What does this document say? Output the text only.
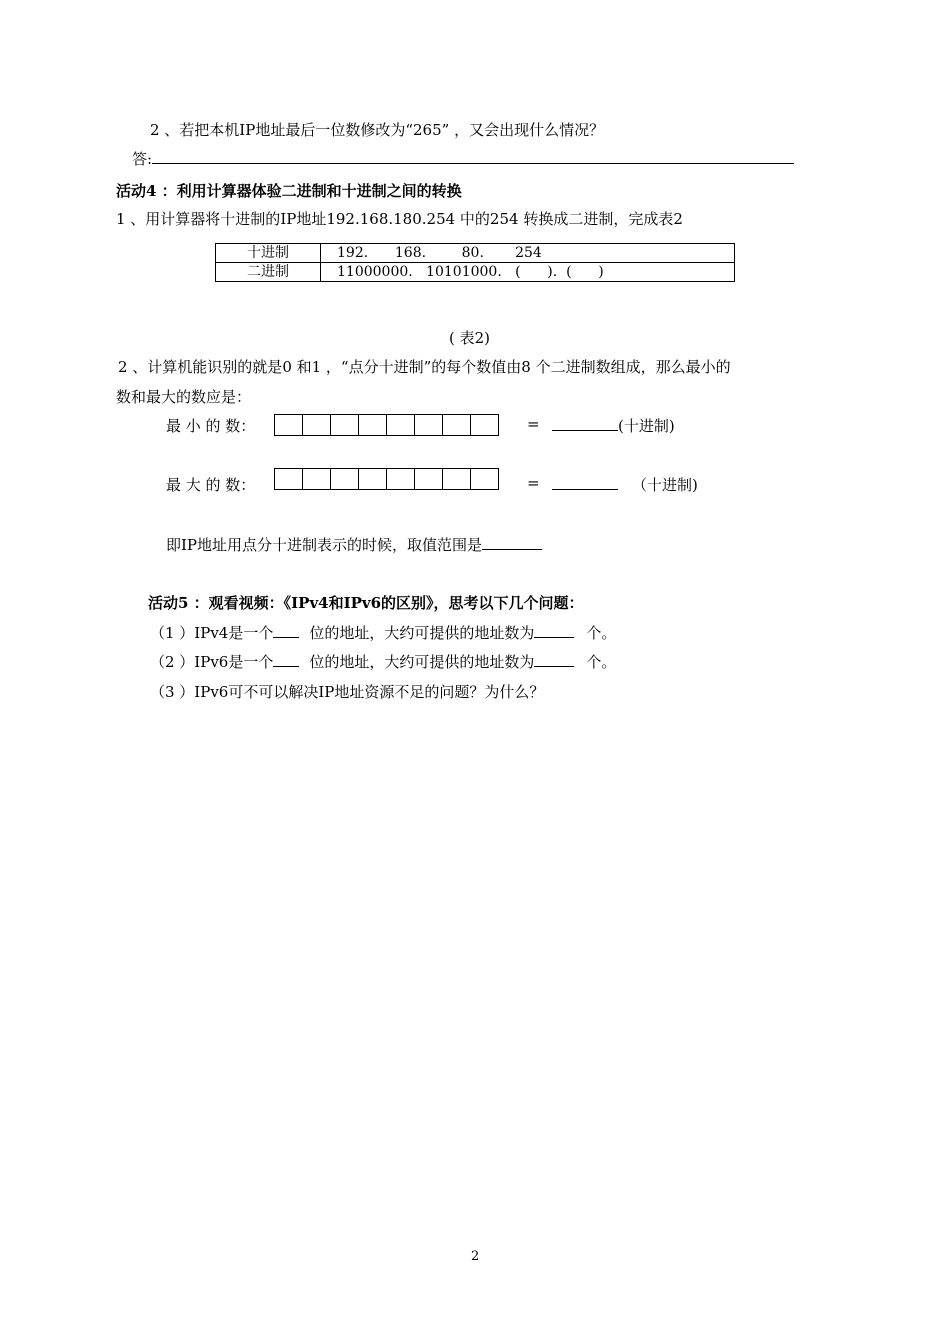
2 、若把本机IP地址最后一位数修改为“265” ，又会出现什么情况？
答:
活动4 ：利用计算器体验二进制和十进制之间的转换
1 、用计算器将十进制的IP地址192.168.180.254 中的254 转换成二进制，完成表2
十进制	192.      168.        80.       254
二进制	11000000.   10101000.   (      ).  (      )
( 表2)
2 、计算机能识别的就是0 和1 ，“点分十进制”的每个数值由8 个二进制数组成，那么最小的
数和最大的数应是：
最 小 的 数：	=	(十进制)
最 大 的 数：	=	（十进制)
即IP地址用点分十进制表示的时候，取值范围是
活动5 ：观看视频：《IPv4和IPv6的区别》，思考以下几个问题：
（1 ）IPv4是一个 位的地址，大约可提供的地址数为	个。
（2 ）IPv6是一个 位的地址，大约可提供的地址数为	个。
（3 ）IPv6可不可以解决IP地址资源不足的问题？为什么？
2
